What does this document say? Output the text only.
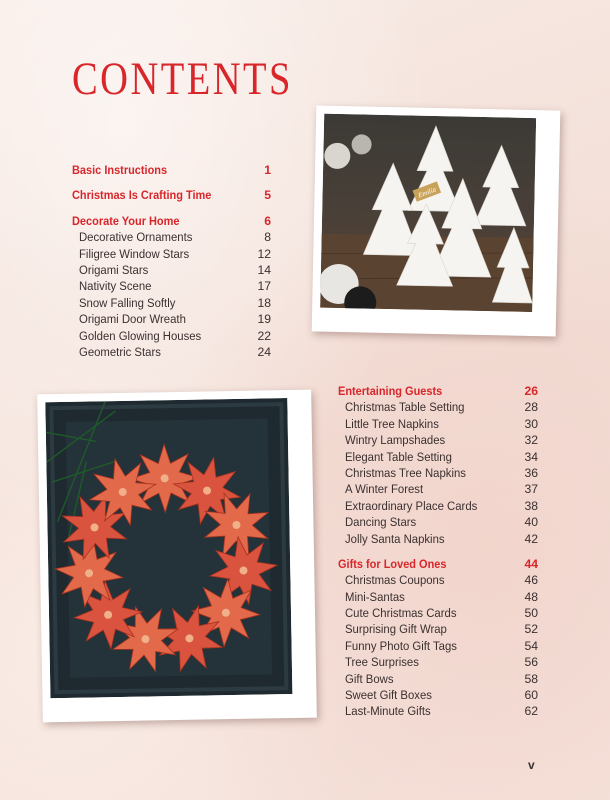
CONTENTS
Basic Instructions	1
Christmas Is Crafting Time	5
Decorate Your Home	6
Decorative Ornaments	8
Filigree Window Stars	12
Origami Stars	14
Nativity Scene	17
Snow Falling Softly	18
Origami Door Wreath	19
Golden Glowing Houses	22
Geometric Stars	24
Entertaining Guests	26
Christmas Table Setting	28
Little Tree Napkins	30
Wintry Lampshades	32
Elegant Table Setting	34
Christmas Tree Napkins	36
A Winter Forest	37
Extraordinary Place Cards	38
Dancing Stars	40
Jolly Santa Napkins	42
Gifts for Loved Ones	44
Christmas Coupons	46
Mini-Santas	48
Cute Christmas Cards	50
Surprising Gift Wrap	52
Funny Photo Gift Tags	54
Tree Surprises	56
Gift Bows	58
Sweet Gift Boxes	60
Last-Minute Gifts	62
Emilia
v
